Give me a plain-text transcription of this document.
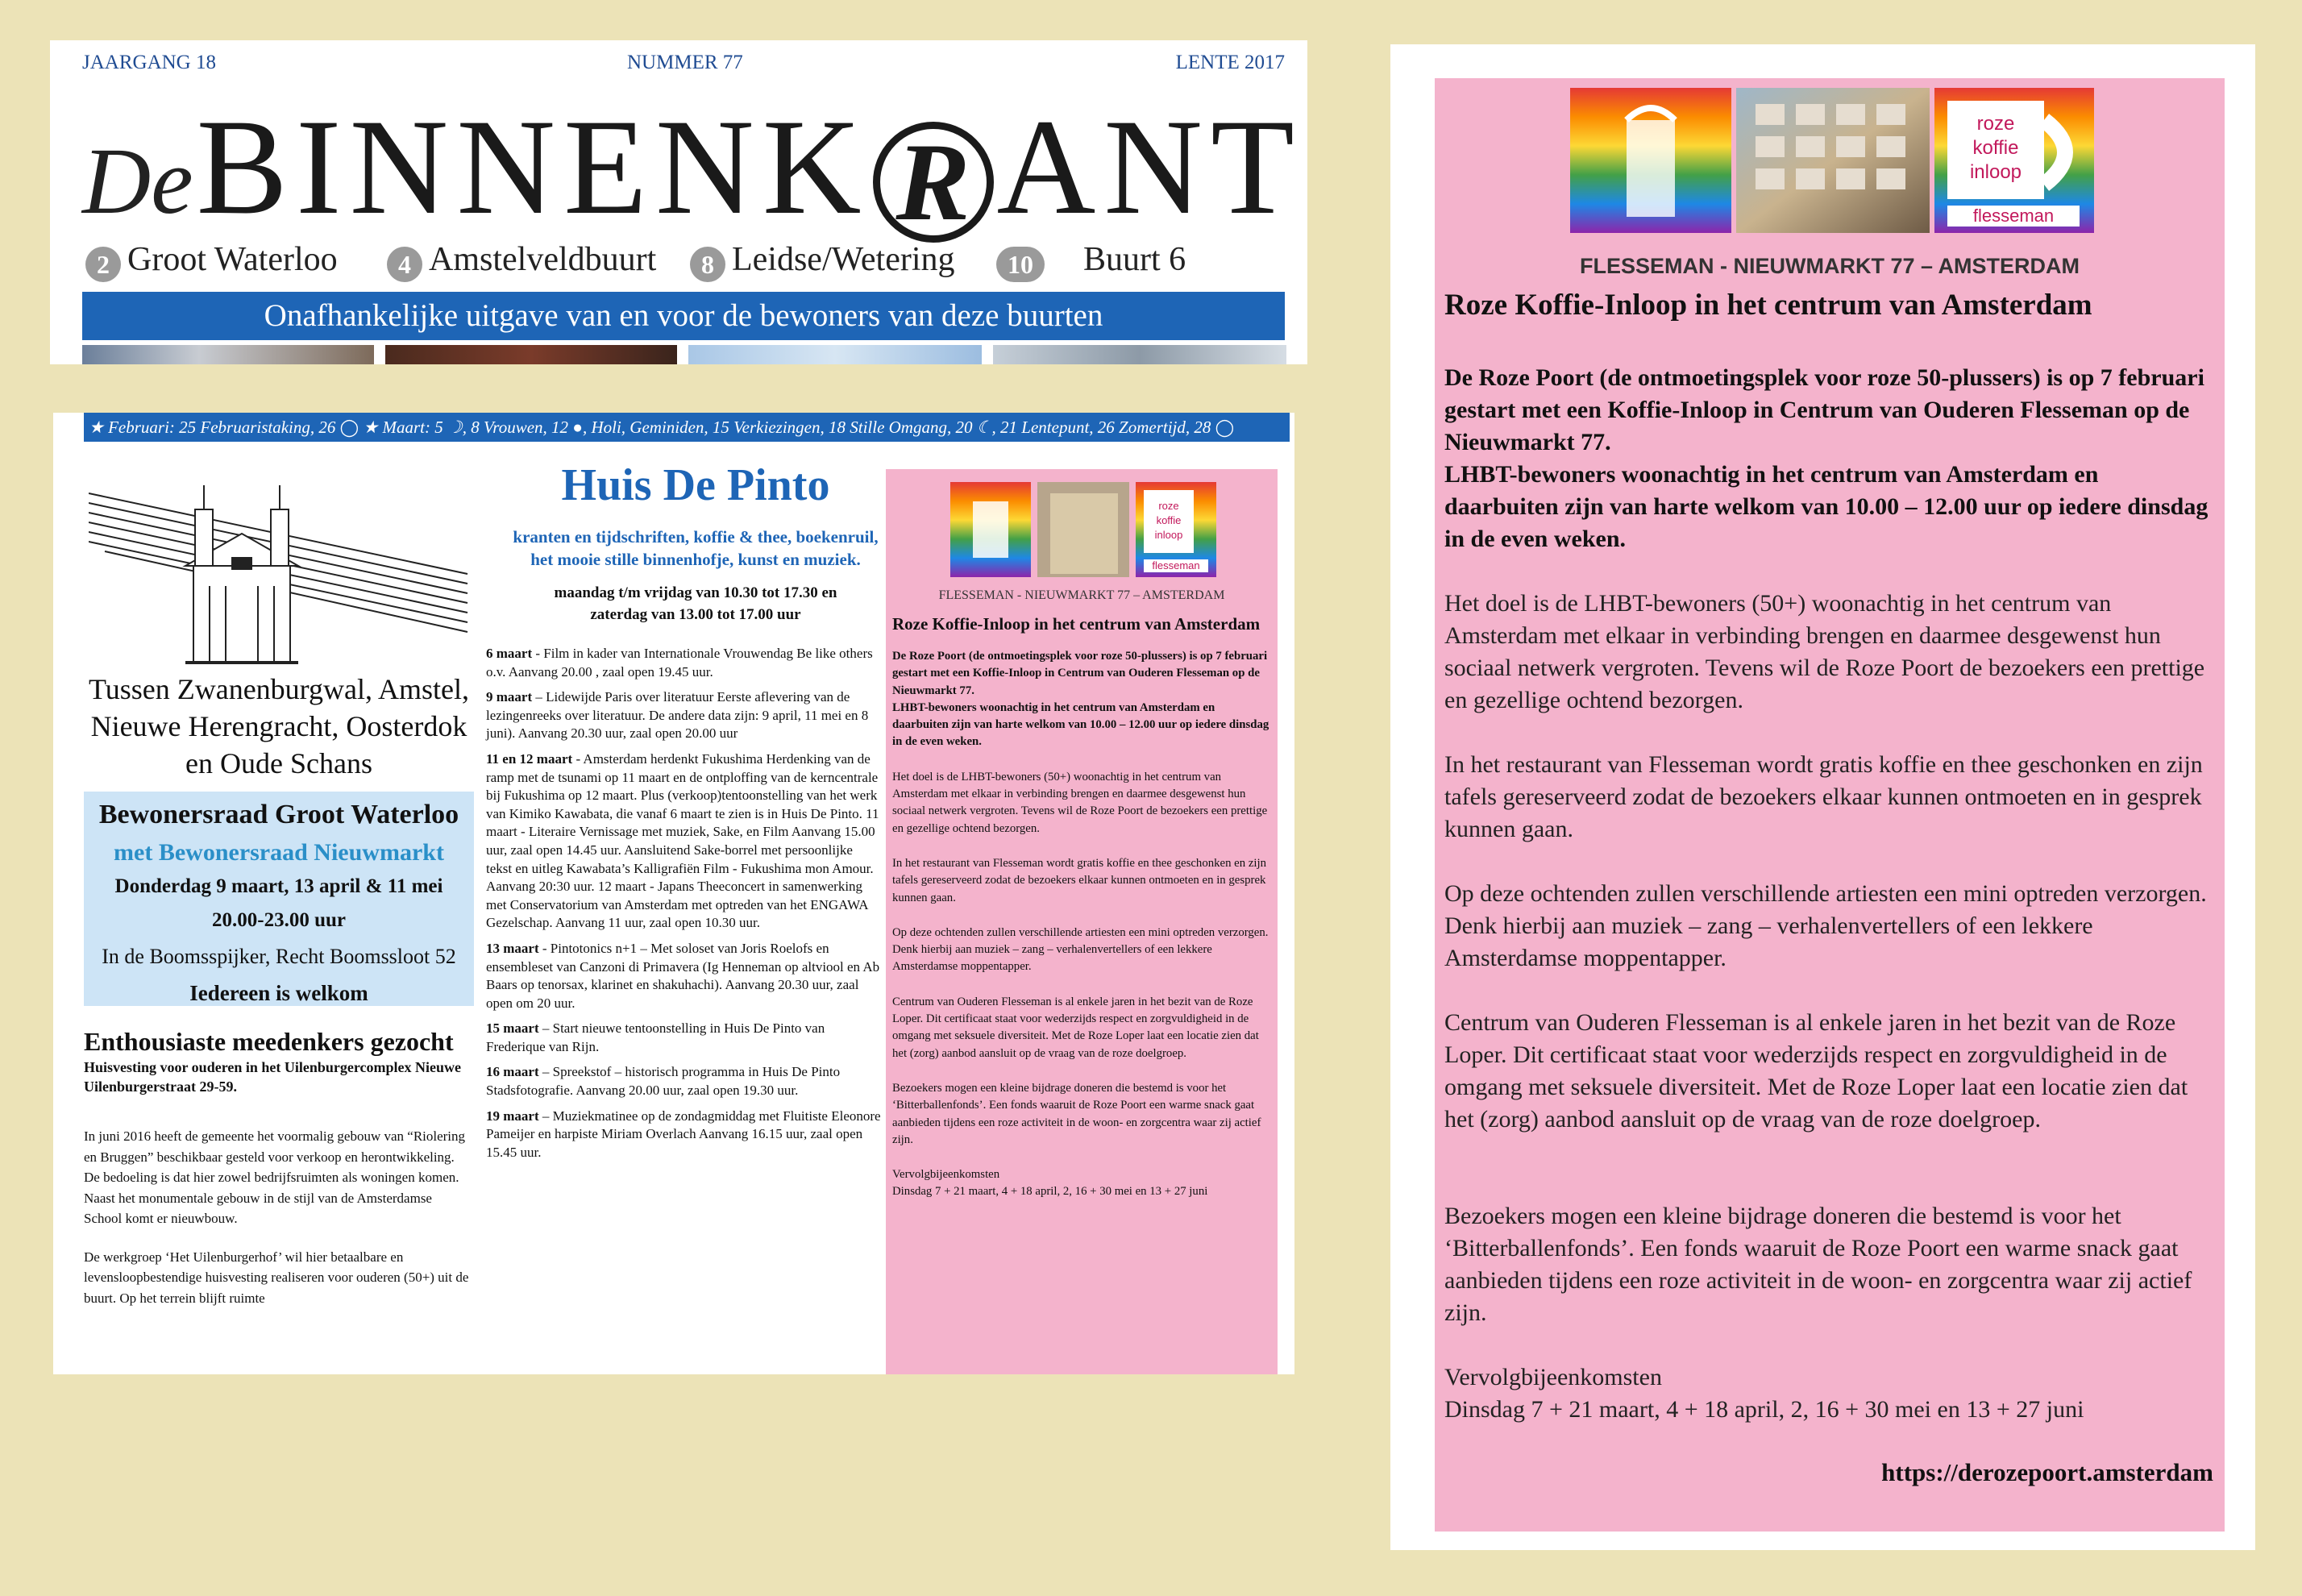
JAARGANG 18	NUMMER 77	LENTE 2017
De BINNENK R ANT
2 Groot Waterloo	4 Amstelveldbuurt	8 Leidse/Wetering	10 Buurt 6
Onafhankelijke uitgave van en voor de bewoners van deze buurten
★ Februari: 25 Februaristaking, 26 ◯ ★ Maart: 5 ☽, 8 Vrouwen, 12 ●, Holi, Geminiden, 15 Verkiezingen, 18 Stille Omgang, 20 ☾, 21 Lentepunt, 26 Zomertijd, 28 ◯
Tussen Zwanenburgwal, Amstel,
Nieuwe Herengracht, Oosterdok
en Oude Schans
Bewonersraad Groot Waterloo
met Bewonersraad Nieuwmarkt
Donderdag 9 maart, 13 april & 11 mei
20.00-23.00 uur
In de Boomsspijker, Recht Boomssloot 52
Iedereen is welkom
Enthousiaste meedenkers gezocht
Huisvesting voor ouderen in het Uilenburgercomplex Nieuwe Uilenburgerstraat 29-59.
In juni 2016 heeft de gemeente het voormalig gebouw van “Riolering en Bruggen” beschikbaar gesteld voor verkoop en herontwikkeling. De bedoeling is dat hier zowel bedrijfsruimten als woningen komen. Naast het monumentale gebouw in de stijl van de Amsterdamse School komt er nieuwbouw.
De werkgroep ‘Het Uilenburgerhof’ wil hier betaalbare en levensloopbestendige huisvesting realiseren voor ouderen (50+) uit de buurt. Op het terrein blijft ruimte
Huis De Pinto
kranten en tijdschriften, koffie & thee, boekenruil, het mooie stille binnenhofje, kunst en muziek.
maandag t/m vrijdag van 10.30 tot 17.30 en zaterdag van 13.00 tot 17.00 uur
6 maart - Film in kader van Internationale Vrouwendag Be like others o.v. Aanvang 20.00 , zaal open 19.45 uur.
9 maart – Lidewijde Paris over literatuur Eerste aflevering van de lezingenreeks over literatuur. De andere data zijn: 9 april, 11 mei en 8 juni). Aanvang 20.30 uur, zaal open 20.00 uur
11 en 12 maart - Amsterdam herdenkt Fukushima Herdenking van de ramp met de tsunami op 11 maart en de ontploffing van de kerncentrale bij Fukushima op 12 maart. Plus (verkoop)tentoonstelling van het werk van Kimiko Kawabata, die vanaf 6 maart te zien is in Huis De Pinto. 11 maart - Literaire Vernissage met muziek, Sake, en Film Aanvang 15.00 uur, zaal open 14.45 uur. Aansluitend Sake-borrel met persoonlijke tekst en uitleg Kawabata’s Kalligrafiën Film - Fukushima mon Amour. Aanvang 20:30 uur. 12 maart - Japans Theeconcert in samenwerking met Conservatorium van Amsterdam met optreden van het ENGAWA Gezelschap. Aanvang 11 uur, zaal open 10.30 uur.
13 maart - Pintotonics n+1 – Met soloset van Joris Roelofs en ensembleset van Canzoni di Primavera (Ig Henneman op altviool en Ab Baars op tenorsax, klarinet en shakuhachi). Aanvang 20.30 uur, zaal open om 20 uur.
15 maart – Start nieuwe tentoonstelling in Huis De Pinto van Frederique van Rijn.
16 maart – Spreekstof – historisch programma in Huis De Pinto Stadsfotografie. Aanvang 20.00 uur, zaal open 19.30 uur.
19 maart – Muziekmatinee op de zondagmiddag met Fluitiste Eleonore Pameijer en harpiste Miriam Overlach Aanvang 16.15 uur, zaal open 15.45 uur.
roze
koffie
inloop
flesseman
FLESSEMAN - NIEUWMARKT 77 – AMSTERDAM
Roze Koffie-Inloop in het centrum van Amsterdam
De Roze Poort (de ontmoetingsplek voor roze 50-plussers) is op 7 februari gestart met een Koffie-Inloop in Centrum van Ouderen Flesseman op de Nieuwmarkt 77.
LHBT-bewoners woonachtig in het centrum van Amsterdam en daarbuiten zijn van harte welkom van 10.00 – 12.00 uur op iedere dinsdag in de even weken.
Het doel is de LHBT-bewoners (50+) woonachtig in het centrum van Amsterdam met elkaar in verbinding brengen en daarmee desgewenst hun sociaal netwerk vergroten. Tevens wil de Roze Poort de bezoekers een prettige en gezellige ochtend bezorgen.
In het restaurant van Flesseman wordt gratis koffie en thee geschonken en zijn tafels gereserveerd zodat de bezoekers elkaar kunnen ontmoeten en in gesprek kunnen gaan.
Op deze ochtenden zullen verschillende artiesten een mini optreden verzorgen. Denk hierbij aan muziek – zang – verhalenvertellers of een lekkere Amsterdamse moppentapper.
Centrum van Ouderen Flesseman is al enkele jaren in het bezit van de Roze Loper. Dit certificaat staat voor wederzijds respect en zorgvuldigheid in de omgang met seksuele diversiteit. Met de Roze Loper laat een locatie zien dat het (zorg) aanbod aansluit op de vraag van de roze doelgroep.
Bezoekers mogen een kleine bijdrage doneren die bestemd is voor het ‘Bitterballenfonds’. Een fonds waaruit de Roze Poort een warme snack gaat aanbieden tijdens een roze activiteit in de woon- en zorgcentra waar zij actief zijn.
Vervolgbijeenkomsten
Dinsdag 7 + 21 maart, 4 + 18 april, 2, 16 + 30 mei en 13 + 27 juni
roze
koffie
inloop
flesseman
FLESSEMAN - NIEUWMARKT 77 – AMSTERDAM
Roze Koffie-Inloop in het centrum van Amsterdam
De Roze Poort (de ontmoetingsplek voor roze 50-plussers) is op 7 februari gestart met een Koffie-Inloop in Centrum van Ouderen Flesseman op de Nieuwmarkt 77.
LHBT-bewoners woonachtig in het centrum van Amsterdam en daarbuiten zijn van harte welkom van 10.00 – 12.00 uur op iedere dinsdag in de even weken.
Het doel is de LHBT-bewoners (50+) woonachtig in het centrum van Amsterdam met elkaar in verbinding brengen en daarmee desgewenst hun sociaal netwerk vergroten. Tevens wil de Roze Poort de bezoekers een prettige en gezellige ochtend bezorgen.
In het restaurant van Flesseman wordt gratis koffie en thee geschonken en zijn tafels gereserveerd zodat de bezoekers elkaar kunnen ontmoeten en in gesprek kunnen gaan.
Op deze ochtenden zullen verschillende artiesten een mini optreden verzorgen. Denk hierbij aan muziek – zang – verhalenvertellers of een lekkere Amsterdamse moppentapper.
Centrum van Ouderen Flesseman is al enkele jaren in het bezit van de Roze Loper. Dit certificaat staat voor wederzijds respect en zorgvuldigheid in de omgang met seksuele diversiteit. Met de Roze Loper laat een locatie zien dat het (zorg) aanbod aansluit op de vraag van de roze doelgroep.
Bezoekers mogen een kleine bijdrage doneren die bestemd is voor het ‘Bitterballenfonds’. Een fonds waaruit de Roze Poort een warme snack gaat aanbieden tijdens een roze activiteit in de woon- en zorgcentra waar zij actief zijn.
Vervolgbijeenkomsten
Dinsdag 7 + 21 maart, 4 + 18 april, 2, 16 + 30 mei en 13 + 27 juni
https://derozepoort.amsterdam
